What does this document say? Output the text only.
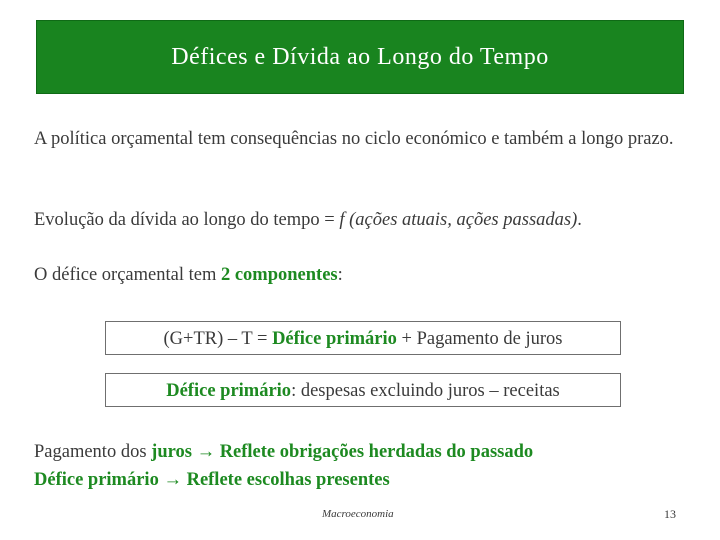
Défices e Dívida ao Longo do Tempo
A política orçamental tem consequências no ciclo económico e também a longo prazo.
Evolução da dívida ao longo do tempo = f (ações atuais, ações passadas).
O défice orçamental tem 2 componentes:
(G+TR) – T = Défice primário + Pagamento de juros
Défice primário: despesas excluindo juros – receitas
Pagamento dos juros → Reflete obrigações herdadas do passado
Défice primário → Reflete escolhas presentes
Macroeconomia	13
